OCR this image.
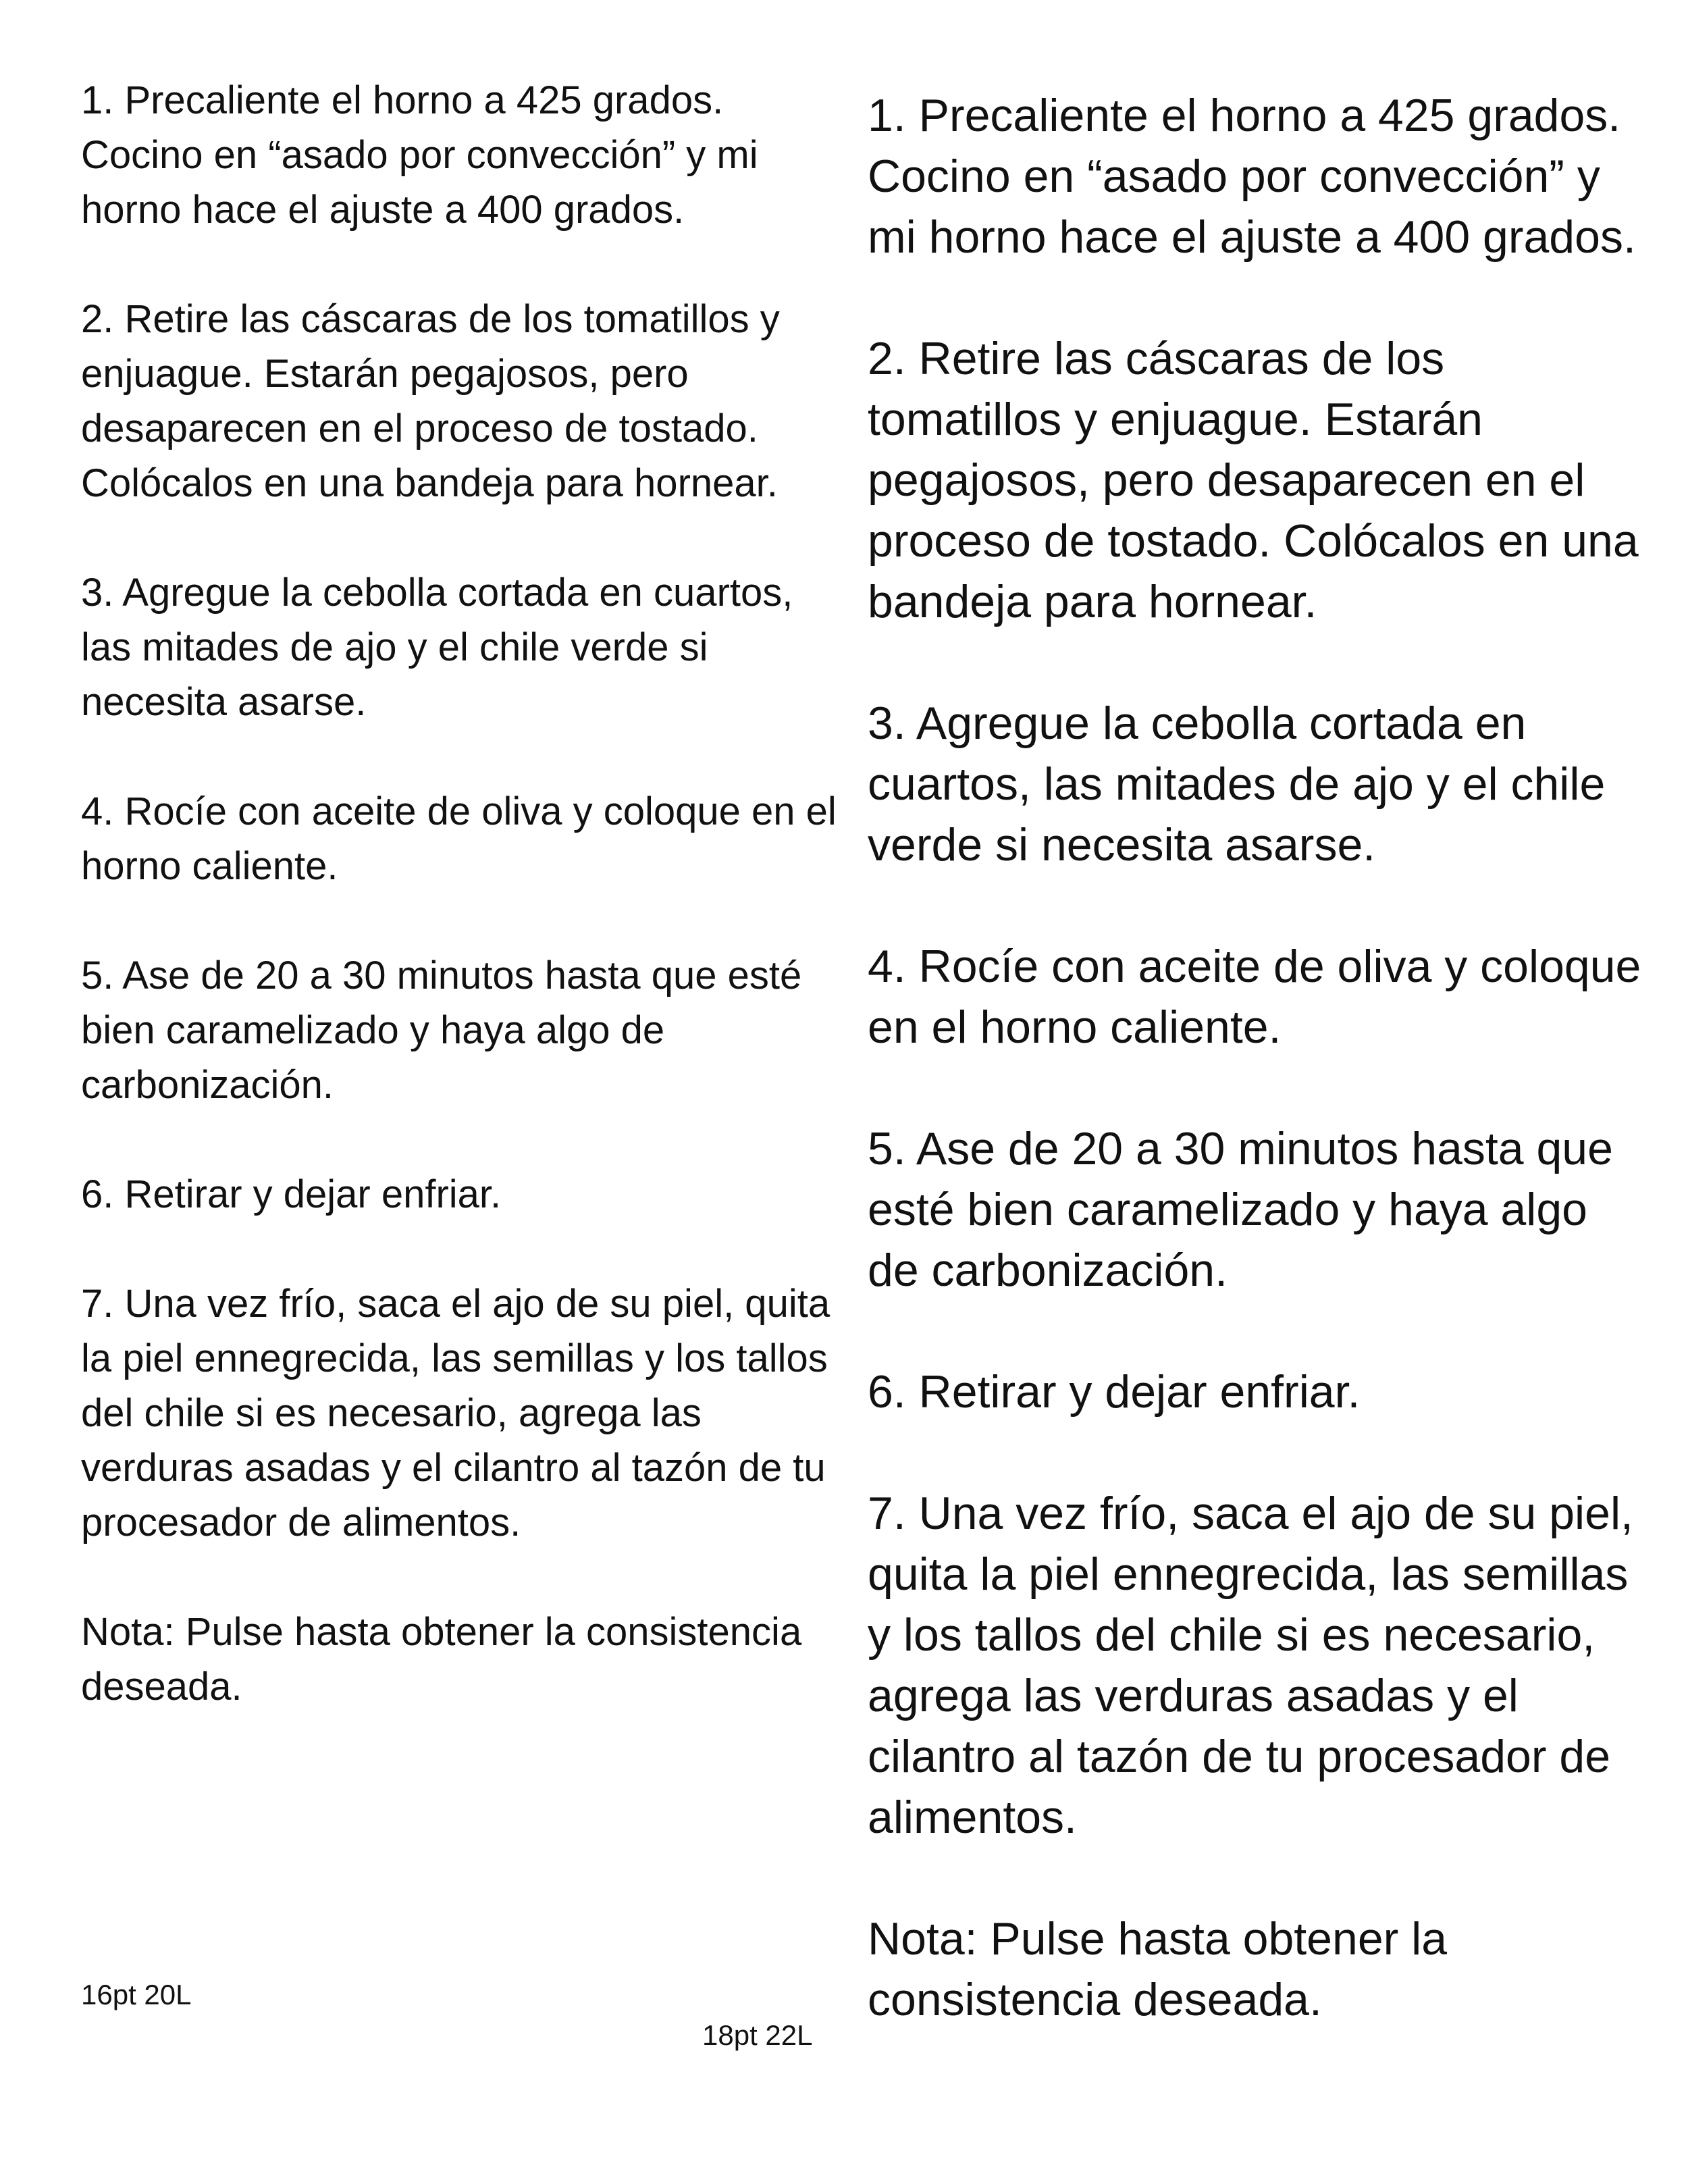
1. Precaliente el horno a 425 grados. Cocino en “asado por convección” y mi horno hace el ajuste a 400 grados.

2. Retire las cáscaras de los tomatillos y enjuague. Estarán pegajosos, pero desaparecen en el proceso de tostado. Colócalos en una bandeja para hornear.

3. Agregue la cebolla cortada en cuartos, las mitades de ajo y el chile verde si necesita asarse.

4. Rocíe con aceite de oliva y coloque en el horno caliente.

5. Ase de 20 a 30 minutos hasta que esté bien caramelizado y haya algo de carbonización.

6. Retirar y dejar enfriar.

7. Una vez frío, saca el ajo de su piel, quita la piel ennegrecida, las semillas y los tallos del chile si es necesario, agrega las verduras asadas y el cilantro al tazón de tu procesador de alimentos.

Nota: Pulse hasta obtener la consistencia deseada.

1. Precaliente el horno a 425 grados. Cocino en “asado por convección” y mi horno hace el ajuste a 400 grados.

2. Retire las cáscaras de los tomatillos y enjuague. Estarán pegajosos, pero desaparecen en el proceso de tostado. Colócalos en una bandeja para hornear.

3. Agregue la cebolla cortada en cuartos, las mitades de ajo y el chile verde si necesita asarse.

4. Rocíe con aceite de oliva y coloque en el horno caliente.

5. Ase de 20 a 30 minutos hasta que esté bien caramelizado y haya algo de carbonización.

6. Retirar y dejar enfriar.

7. Una vez frío, saca el ajo de su piel, quita la piel ennegrecida, las semillas y los tallos del chile si es necesario, agrega las verduras asadas y el cilantro al tazón de tu procesador de alimentos.

Nota: Pulse hasta obtener la consistencia deseada.

16pt 20L
18pt 22L
